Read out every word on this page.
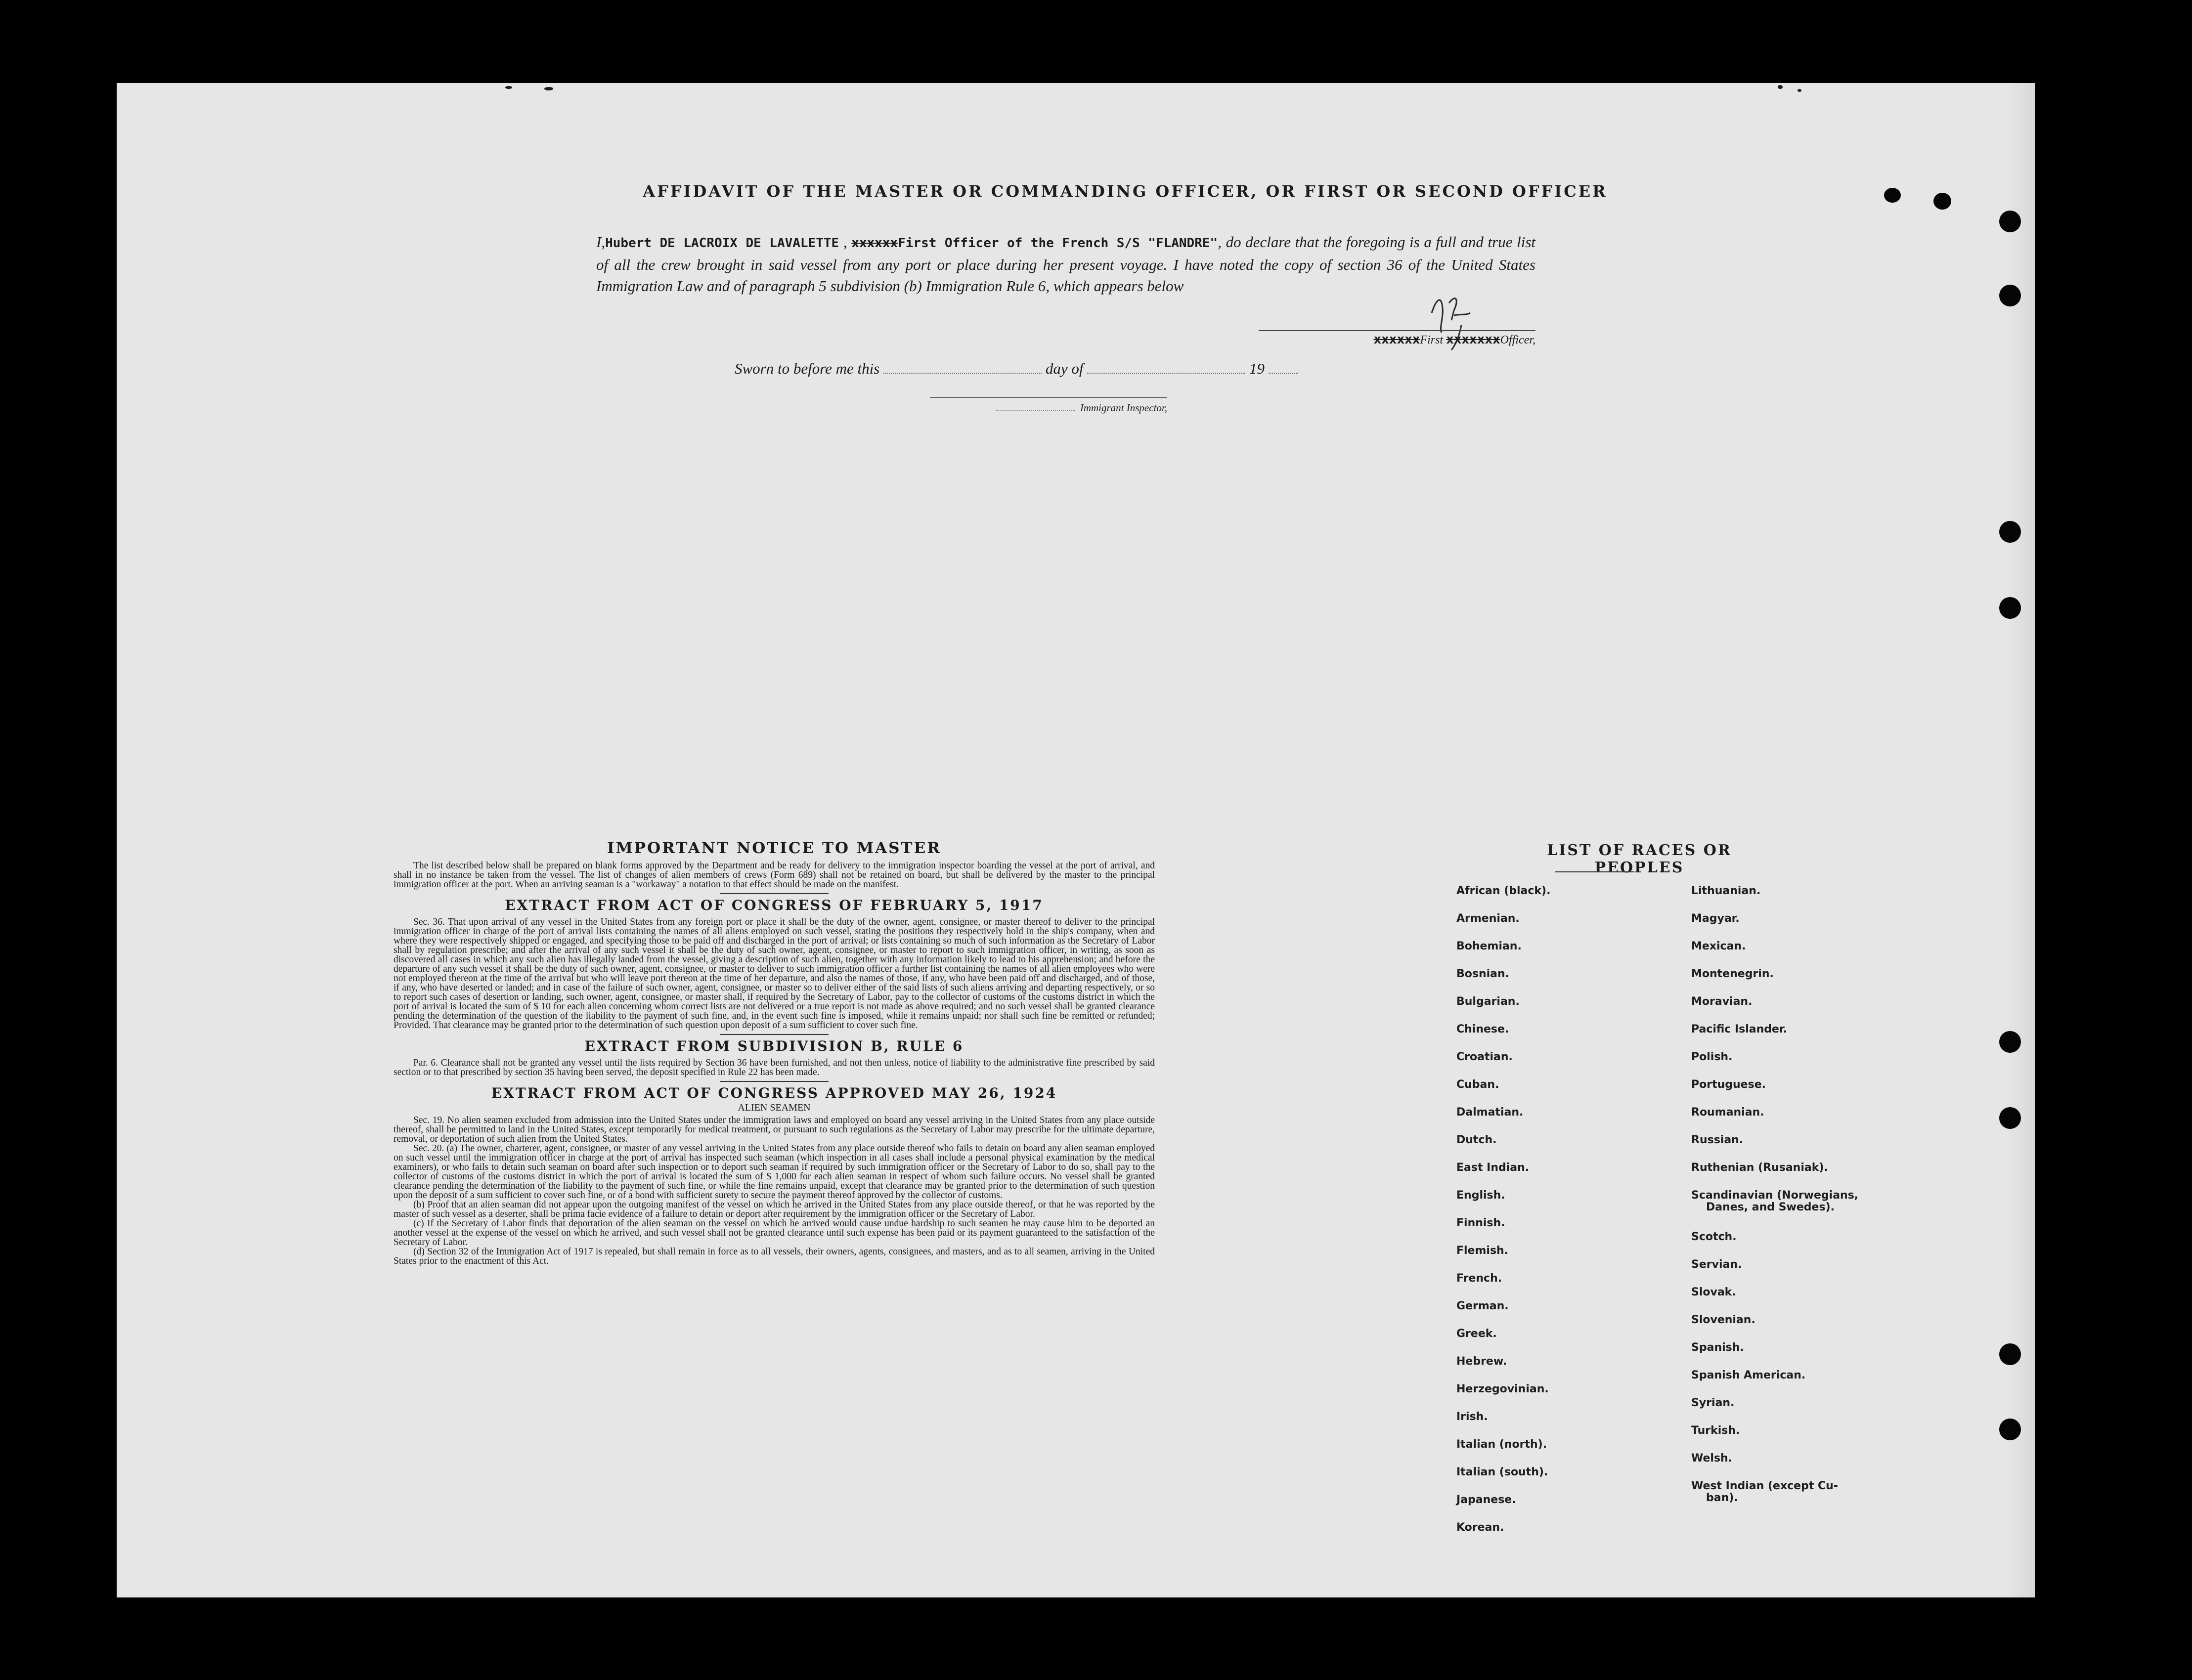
AFFIDAVIT OF THE MASTER OR COMMANDING OFFICER, OR FIRST OR SECOND OFFICER
I,Hubert DE LACROIX DE LAVALETTE , xxxxxxFirst Officer of the French S/S "FLANDRE", do declare that the foregoing is a full and true list of all the crew brought in said vessel from any port or place during her present voyage. I have noted the copy of section 36 of the United States Immigration Law and of paragraph 5 subdivision (b) Immigration Rule 6, which appears below
xxxxxxFirst xxxxxxxOfficer,
Sworn to before me this	day of	19
Immigrant Inspector,
IMPORTANT NOTICE TO MASTER

The list described below shall be prepared on blank forms approved by the Department and be ready for delivery to the immigration inspector boarding the vessel at the port of arrival, and shall in no instance be taken from the vessel. The list of changes of alien members of crews (Form 689) shall not be retained on board, but shall be delivered by the master to the principal immigration officer at the port. When an arriving seaman is a "workaway" a notation to that effect should be made on the manifest.

EXTRACT FROM ACT OF CONGRESS OF FEBRUARY 5, 1917

Sec. 36. That upon arrival of any vessel in the United States from any foreign port or place it shall be the duty of the owner, agent, consignee, or master thereof to deliver to the principal immigration officer in charge of the port of arrival lists containing the names of all aliens employed on such vessel, stating the positions they respectively hold in the ship's company, when and where they were respectively shipped or engaged, and specifying those to be paid off and discharged in the port of arrival; or lists containing so much of such information as the Secretary of Labor shall by regulation prescribe; and after the arrival of any such vessel it shall be the duty of such owner, agent, consignee, or master to report to such immigration officer, in writing, as soon as discovered all cases in which any such alien has illegally landed from the vessel, giving a description of such alien, together with any information likely to lead to his apprehension; and before the departure of any such vessel it shall be the duty of such owner, agent, consignee, or master to deliver to such immigration officer a further list containing the names of all alien employees who were not employed thereon at the time of the arrival but who will leave port thereon at the time of her departure, and also the names of those, if any, who have been paid off and discharged, and of those, if any, who have deserted or landed; and in case of the failure of such owner, agent, consignee, or master so to deliver either of the said lists of such aliens arriving and departing respectively, or so to report such cases of desertion or landing, such owner, agent, consignee, or master shall, if required by the Secretary of Labor, pay to the collector of customs of the customs district in which the port of arrival is located the sum of $ 10 for each alien concerning whom correct lists are not delivered or a true report is not made as above required; and no such vessel shall be granted clearance pending the determination of the question of the liability to the payment of such fine, and, in the event such fine is imposed, while it remains unpaid; nor shall such fine be remitted or refunded; Provided. That clearance may be granted prior to the determination of such question upon deposit of a sum sufficient to cover such fine.

EXTRACT FROM SUBDIVISION B, RULE 6

Par. 6. Clearance shall not be granted any vessel until the lists required by Section 36 have been furnished, and not then unless, notice of liability to the administrative fine prescribed by said section or to that prescribed by section 35 having been served, the deposit specified in Rule 22 has been made.

EXTRACT FROM ACT OF CONGRESS APPROVED MAY 26, 1924
ALIEN SEAMEN

Sec. 19. No alien seamen excluded from admission into the United States under the immigration laws and employed on board any vessel arriving in the United States from any place outside thereof, shall be permitted to land in the United States, except temporarily for medical treatment, or pursuant to such regulations as the Secretary of Labor may prescribe for the ultimate departure, removal, or deportation of such alien from the United States.

Sec. 20. (a) The owner, charterer, agent, consignee, or master of any vessel arriving in the United States from any place outside thereof who fails to detain on board any alien seaman employed on such vessel until the immigration officer in charge at the port of arrival has inspected such seaman (which inspection in all cases shall include a personal physical examination by the medical examiners), or who fails to detain such seaman on board after such inspection or to deport such seaman if required by such immigration officer or the Secretary of Labor to do so, shall pay to the collector of customs of the customs district in which the port of arrival is located the sum of $ 1,000 for each alien seaman in respect of whom such failure occurs. No vessel shall be granted clearance pending the determination of the liability to the payment of such fine, or while the fine remains unpaid, except that clearance may be granted prior to the determination of such question upon the deposit of a sum sufficient to cover such fine, or of a bond with sufficient surety to secure the payment thereof approved by the collector of customs.

(b) Proof that an alien seaman did not appear upon the outgoing manifest of the vessel on which he arrived in the United States from any place outside thereof, or that he was reported by the master of such vessel as a deserter, shall be prima facie evidence of a failure to detain or deport after requirement by the immigration officer or the Secretary of Labor.

(c) If the Secretary of Labor finds that deportation of the alien seaman on the vessel on which he arrived would cause undue hardship to such seamen he may cause him to be deported an another vessel at the expense of the vessel on which he arrived, and such vessel shall not be granted clearance until such expense has been paid or its payment guaranteed to the satisfaction of the Secretary of Labor.

(d) Section 32 of the Immigration Act of 1917 is repealed, but shall remain in force as to all vessels, their owners, agents, consignees, and masters, and as to all seamen, arriving in the United States prior to the enactment of this Act.

LIST OF RACES OR PEOPLES
African (black).
Armenian.
Bohemian.
Bosnian.
Bulgarian.
Chinese.
Croatian.
Cuban.
Dalmatian.
Dutch.
East Indian.
English.
Finnish.
Flemish.
French.
German.
Greek.
Hebrew.
Herzegovinian.
Irish.
Italian (north).
Italian (south).
Japanese.
Korean.
Lithuanian.
Magyar.
Mexican.
Montenegrin.
Moravian.
Pacific Islander.
Polish.
Portuguese.
Roumanian.
Russian.
Ruthenian (Rusaniak).
Scandinavian (Norwegians,
Danes, and Swedes).
Scotch.
Servian.
Slovak.
Slovenian.
Spanish.
Spanish American.
Syrian.
Turkish.
Welsh.
West Indian (except Cu-
ban).
